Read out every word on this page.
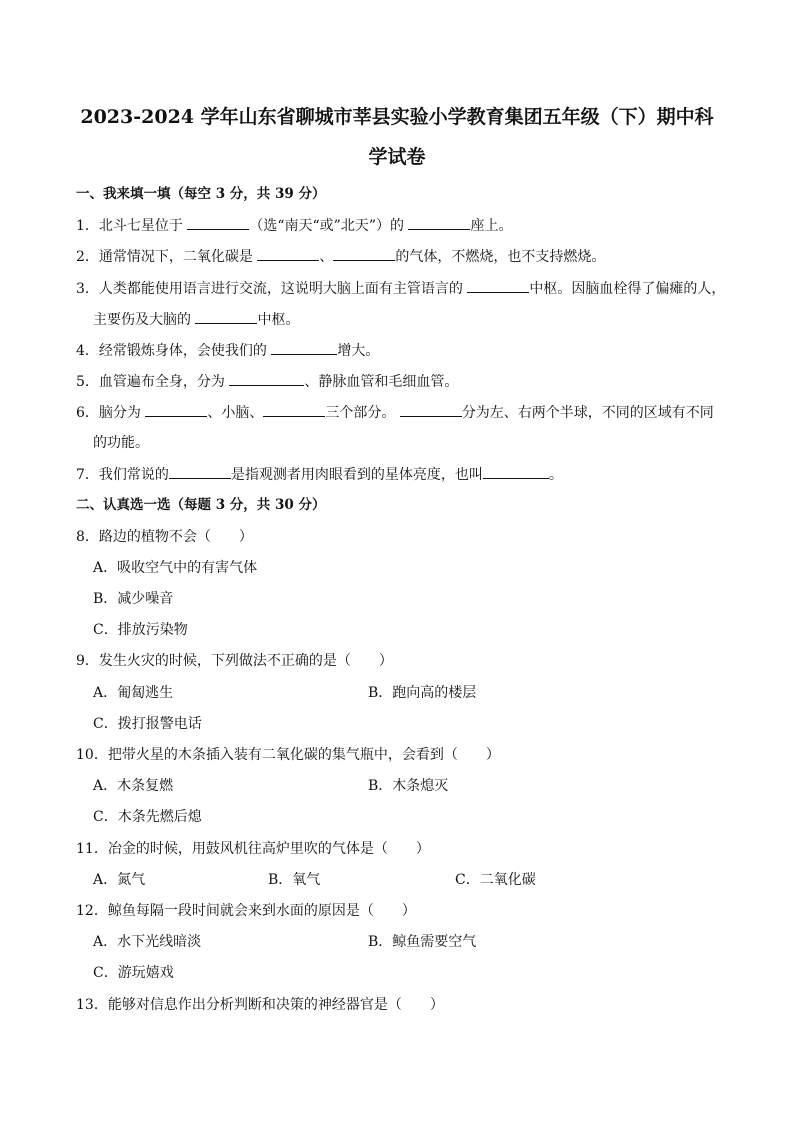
2023-2024 学年山东省聊城市莘县实验小学教育集团五年级（下）期中科
学试卷
一、我来填一填（每空 3 分，共 39 分）
1．北斗七星位于	（选“南天“或”北天”）的	座上。
2．通常情况下，二氧化碳是	、	的气体，不燃烧，也不支持燃烧。
3．人类都能使用语言进行交流，这说明大脑上面有主管语言的	中枢。因脑血栓得了偏瘫的人，
主要伤及大脑的	中枢。
4．经常锻炼身体，会使我们的	增大。
5．血管遍布全身，分为	、静脉血管和毛细血管。
6．脑分为	、小脑、	三个部分。	分为左、右两个半球，不同的区域有不同
的功能。
7．我们常说的	是指观测者用肉眼看到的星体亮度，也叫	。
二、认真选一选（每题 3 分，共 30 分）
8．路边的植物不会（　　）
A．吸收空气中的有害气体
B．减少噪音
C．排放污染物
9．发生火灾的时候，下列做法不正确的是（　　）
A．匍匐逃生	B．跑向高的楼层
C．拨打报警电话
10．把带火星的木条插入装有二氧化碳的集气瓶中，会看到（　　）
A．木条复燃	B．木条熄灭
C．木条先燃后熄
11．冶金的时候，用鼓风机往高炉里吹的气体是（　　）
A．氮气	B．氧气	C．二氧化碳
12．鲸鱼每隔一段时间就会来到水面的原因是（　　）
A．水下光线暗淡	B．鲸鱼需要空气
C．游玩嬉戏
13．能够对信息作出分析判断和决策的神经器官是（　　）
